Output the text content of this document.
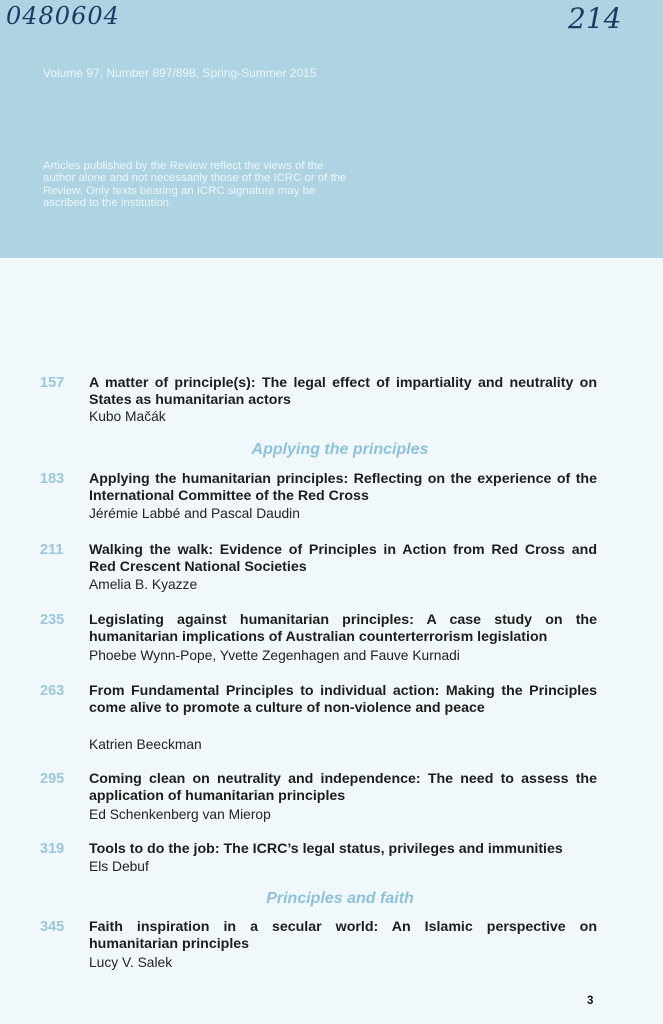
0480604	214
Volume 97, Number 897/898, Spring-Summer 2015
Articles published by the Review reflect the views of the author alone and not necessarily those of the ICRC or of the Review. Only texts bearing an ICRC signature may be ascribed to the institution.
157 A matter of principle(s): The legal effect of impartiality and neutrality on States as humanitarian actors
Kubo Mačák
Applying the principles
183 Applying the humanitarian principles: Reflecting on the experience of the International Committee of the Red Cross
Jérémie Labbé and Pascal Daudin
211 Walking the walk: Evidence of Principles in Action from Red Cross and Red Crescent National Societies
Amelia B. Kyazze
235 Legislating against humanitarian principles: A case study on the humanitarian implications of Australian counterterrorism legislation
Phoebe Wynn-Pope, Yvette Zegenhagen and Fauve Kurnadi
263 From Fundamental Principles to individual action: Making the Principles come alive to promote a culture of non-violence and peace
Katrien Beeckman
295 Coming clean on neutrality and independence: The need to assess the application of humanitarian principles
Ed Schenkenberg van Mierop
319 Tools to do the job: The ICRC’s legal status, privileges and immunities
Els Debuf
Principles and faith
345 Faith inspiration in a secular world: An Islamic perspective on humanitarian principles
Lucy V. Salek
3
